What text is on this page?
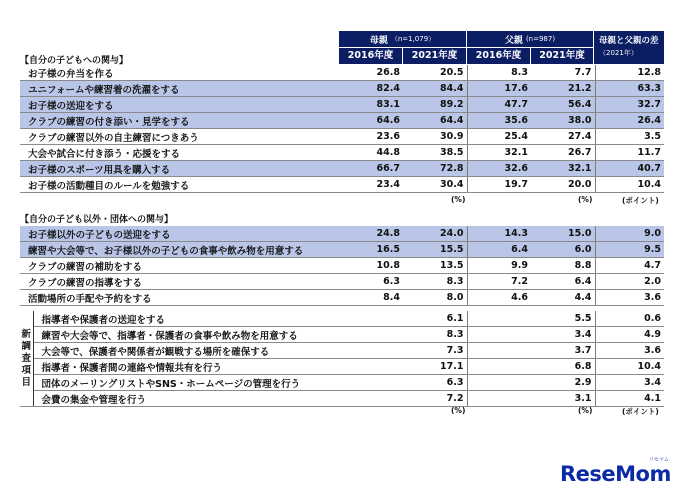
母親 （n=1,079）	父親 (n=987)
2016年度	2021年度	2016年度	2021年度
母親と父親の差
（2021年）
【自分の子どもへの関与】
お子様の弁当を作る	26.8	20.5	8.3	7.7	12.8
ユニフォームや練習着の洗濯をする	82.4	84.4	17.6	21.2	63.3
お子様の送迎をする	83.1	89.2	47.7	56.4	32.7
クラブの練習の付き添い・見学をする	64.6	64.4	35.6	38.0	26.4
クラブの練習以外の自主練習につきあう	23.6	30.9	25.4	27.4	3.5
大会や試合に付き添う・応援をする	44.8	38.5	32.1	26.7	11.7
お子様のスポーツ用具を購入する	66.7	72.8	32.6	32.1	40.7
お子様の活動種目のルールを勉強する	23.4	30.4	19.7	20.0	10.4
(%)	(%)	(ポイント)
【自分の子ども以外・団体への関与】
お子様以外の子どもの送迎をする	24.8	24.0	14.3	15.0	9.0
練習や大会等で、お子様以外の子どもの食事や飲み物を用意する	16.5	15.5	6.4	6.0	9.5
クラブの練習の補助をする	10.8	13.5	9.9	8.8	4.7
クラブの練習の指導をする	6.3	8.3	7.2	6.4	2.0
活動場所の手配や予約をする	8.4	8.0	4.6	4.4	3.6
新
調
査
項
目	指導者や保護者の送迎をする		6.1		5.5	0.6
	練習や大会等で、指導者・保護者の食事や飲み物を用意する		8.3		3.4	4.9
	大会等で、保護者や関係者が観戦する場所を確保する		7.3		3.7	3.6
	指導者・保護者間の連絡や情報共有を行う		17.1		6.8	10.4
	団体のメーリングリストやSNS・ホームページの管理を行う		6.3		2.9	3.4
	会費の集金や管理を行う		7.2		3.1	4.1
(%)	(%)	(ポイント)
ReseMom
リセマム
